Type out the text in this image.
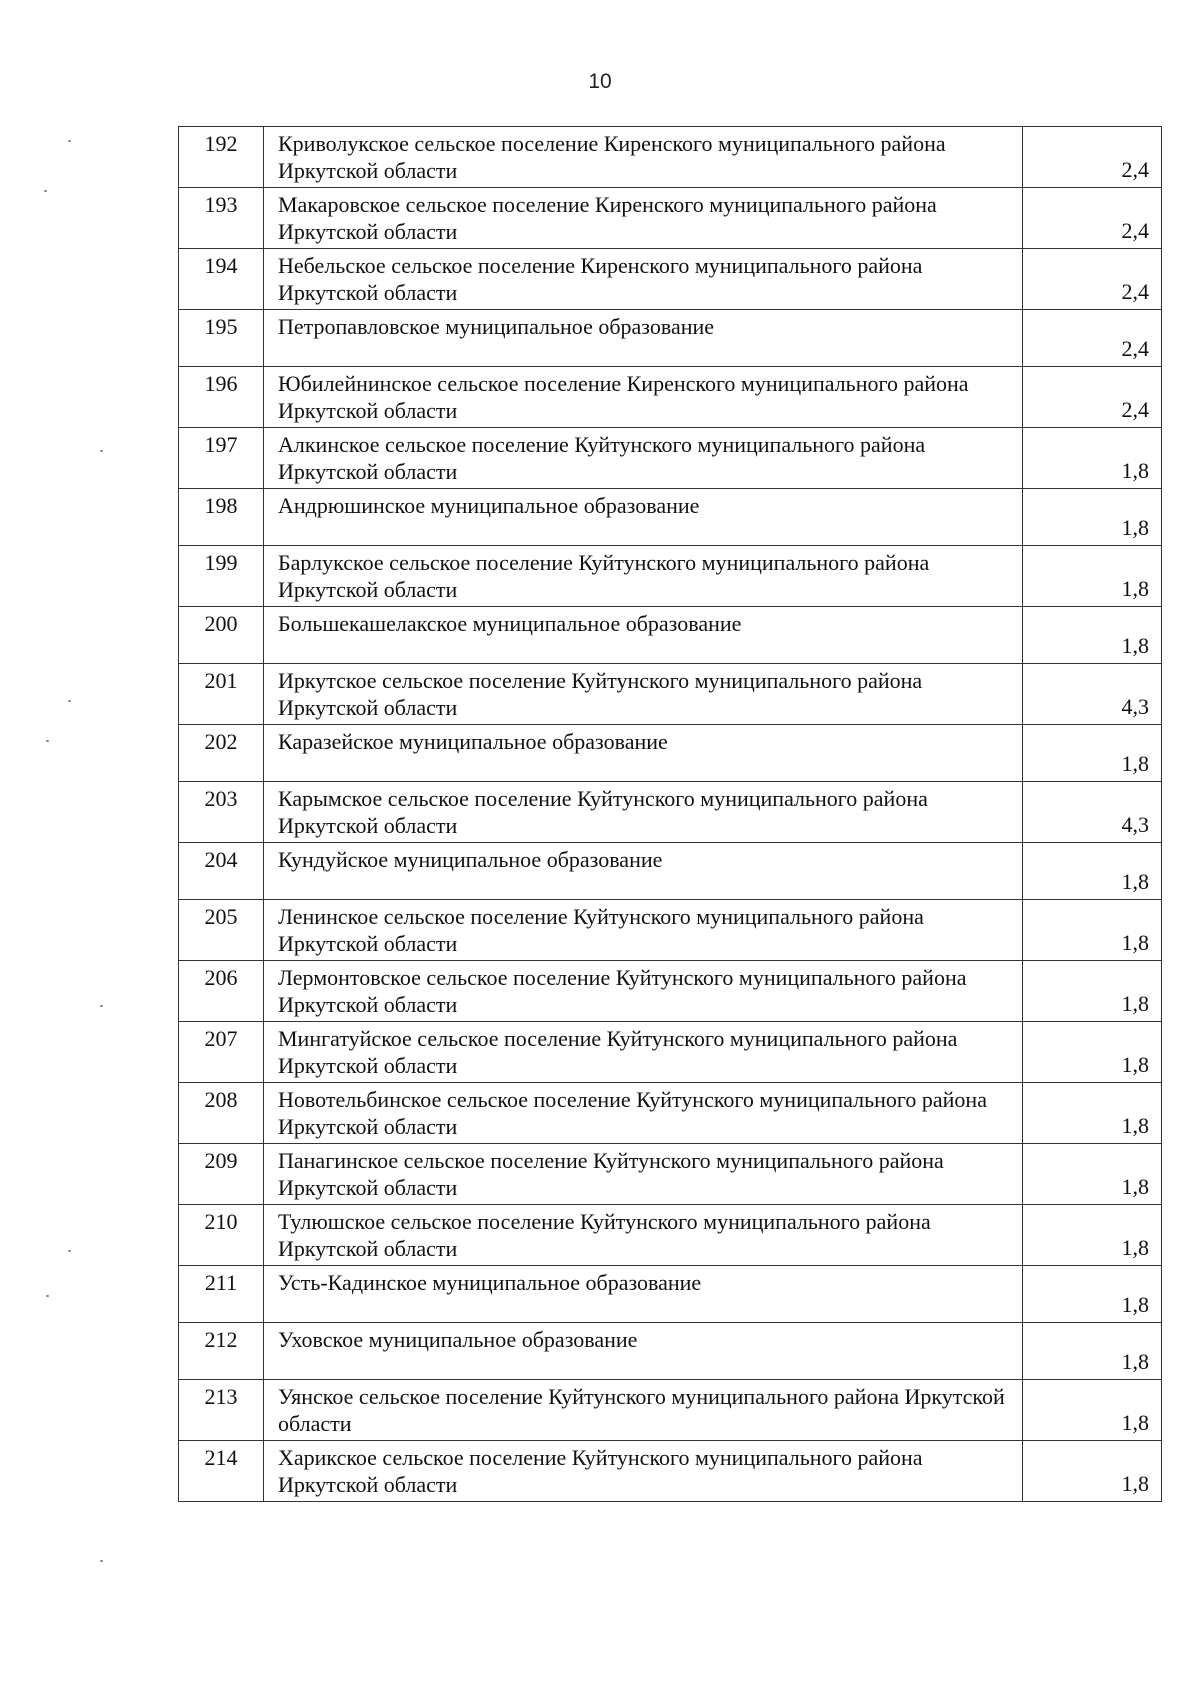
10
192	Криволукское сельское поселение Киренского муниципального района Иркутской области	2,4
193	Макаровское сельское поселение Киренского муниципального района Иркутской области	2,4
194	Небельское сельское поселение Киренского муниципального района Иркутской области	2,4
195	Петропавловское муниципальное образование	2,4
196	Юбилейнинское сельское поселение Киренского муниципального района Иркутской области	2,4
197	Алкинское сельское поселение Куйтунского муниципального района Иркутской области	1,8
198	Андрюшинское муниципальное образование	1,8
199	Барлукское сельское поселение Куйтунского муниципального района Иркутской области	1,8
200	Большекашелакское муниципальное образование	1,8
201	Иркутское сельское поселение Куйтунского муниципального района Иркутской области	4,3
202	Каразейское муниципальное образование	1,8
203	Карымское сельское поселение Куйтунского муниципального района Иркутской области	4,3
204	Кундуйское муниципальное образование	1,8
205	Ленинское сельское поселение Куйтунского муниципального района Иркутской области	1,8
206	Лермонтовское сельское поселение Куйтунского муниципального района Иркутской области	1,8
207	Мингатуйское сельское поселение Куйтунского муниципального района Иркутской области	1,8
208	Новотельбинское сельское поселение Куйтунского муниципального района Иркутской области	1,8
209	Панагинское сельское поселение Куйтунского муниципального района Иркутской области	1,8
210	Тулюшское сельское поселение Куйтунского муниципального района Иркутской области	1,8
211	Усть-Кадинское муниципальное образование	1,8
212	Уховское муниципальное образование	1,8
213	Уянское сельское поселение Куйтунского муниципального района Иркутской области	1,8
214	Харикское сельское поселение Куйтунского муниципального района Иркутской области	1,8
